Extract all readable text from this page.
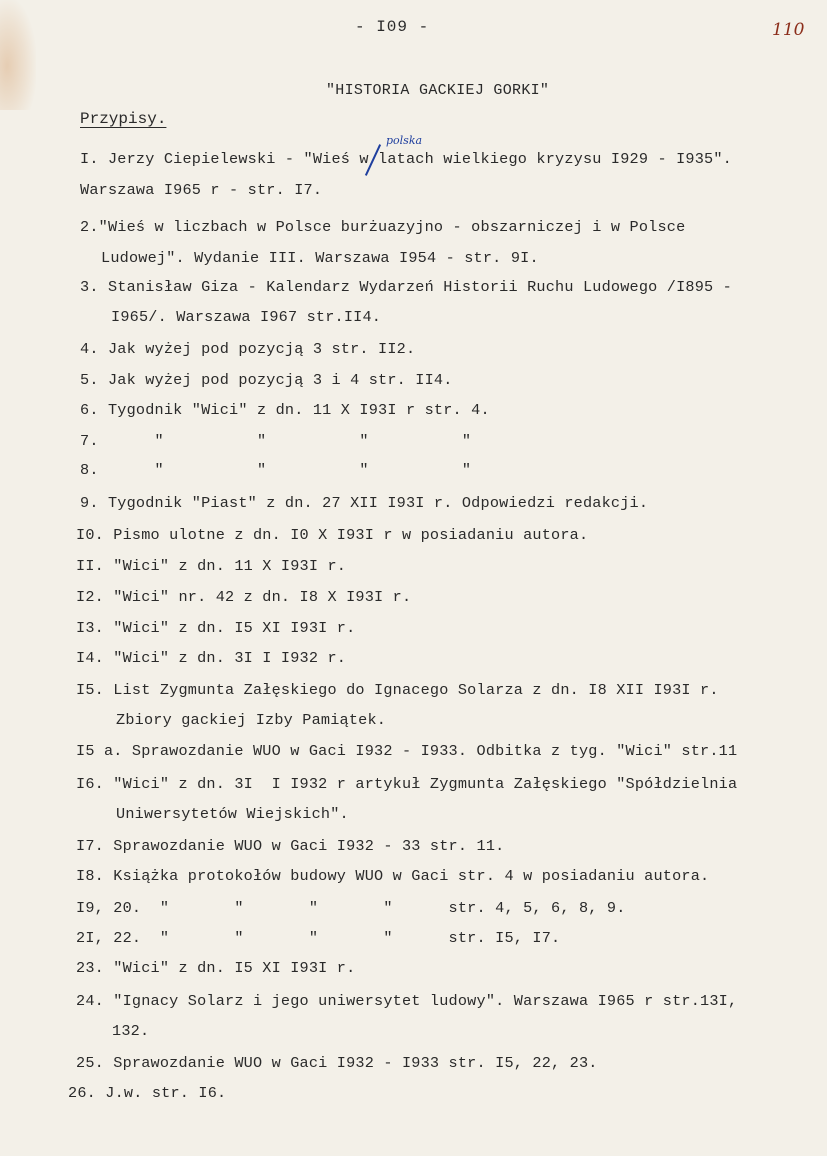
- I09 -	110
"HISTORIA GACKIEJ GORKI"
Przypisy.
polska
I. Jerzy Ciepielewski - "Wieś w latach wielkiego kryzysu I929 - I935".
Warszawa I965 r - str. I7.
2."Wieś w liczbach w Polsce burżuazyjno - obszarniczej i w Polsce
Ludowej". Wydanie III. Warszawa I954 - str. 9I.
3. Stanisław Giza - Kalendarz Wydarzeń Historii Ruchu Ludowego /I895 -
I965/. Warszawa I967 str.II4.
4. Jak wyżej pod pozycją 3 str. II2.
5. Jak wyżej pod pozycją 3 i 4 str. II4.
6. Tygodnik "Wici" z dn. 11 X I93I r str. 4.
7.      "          "          "          "
8.      "          "          "          "
9. Tygodnik "Piast" z dn. 27 XII I93I r. Odpowiedzi redakcji.
I0. Pismo ulotne z dn. I0 X I93I r w posiadaniu autora.
II. "Wici" z dn. 11 X I93I r.
I2. "Wici" nr. 42 z dn. I8 X I93I r.
I3. "Wici" z dn. I5 XI I93I r.
I4. "Wici" z dn. 3I I I932 r.
I5. List Zygmunta Załęskiego do Ignacego Solarza z dn. I8 XII I93I r.
Zbiory gackiej Izby Pamiątek.
I5 a. Sprawozdanie WUO w Gaci I932 - I933. Odbitka z tyg. "Wici" str.11
I6. "Wici" z dn. 3I  I I932 r artykuł Zygmunta Załęskiego "Spółdzielnia
Uniwersytetów Wiejskich".
I7. Sprawozdanie WUO w Gaci I932 - 33 str. 11.
I8. Książka protokołów budowy WUO w Gaci str. 4 w posiadaniu autora.
I9, 20.  "       "       "       "      str. 4, 5, 6, 8, 9.
2I, 22.  "       "       "       "      str. I5, I7.
23. "Wici" z dn. I5 XI I93I r.
24. "Ignacy Solarz i jego uniwersytet ludowy". Warszawa I965 r str.13I,
132.
25. Sprawozdanie WUO w Gaci I932 - I933 str. I5, 22, 23.
26. J.w. str. I6.
